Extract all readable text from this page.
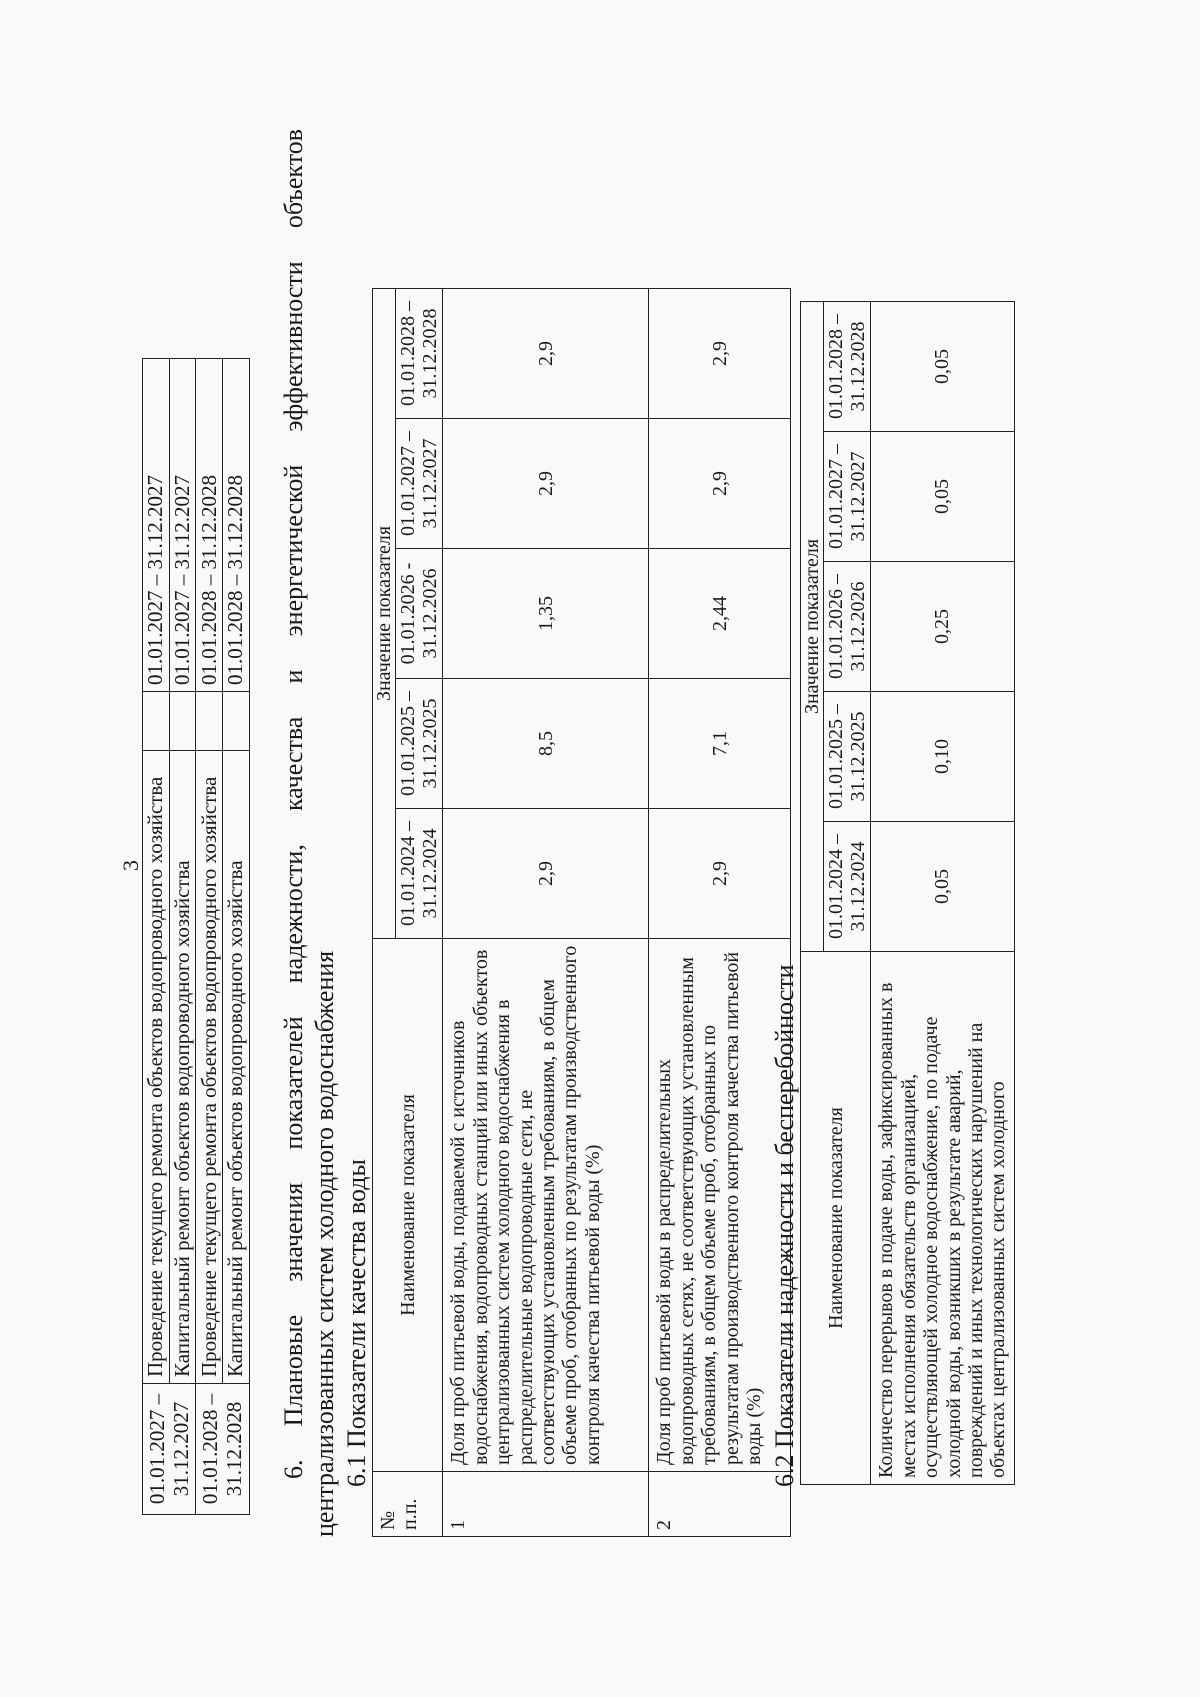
3
01.01.2027 –
31.12.2027	Проведение текущего ремонта объектов водопроводного хозяйства		01.01.2027 – 31.12.2027
	Капитальный ремонт объектов водопроводного хозяйства		01.01.2027 – 31.12.2027
01.01.2028 –
31.12.2028	Проведение текущего ремонта объектов водопроводного хозяйства		01.01.2028 – 31.12.2028
	Капитальный ремонт объектов водопроводного хозяйства		01.01.2028 – 31.12.2028 6. Плановые значения показателей надежности, качества и энергетической эффективности объектов централизованных систем холодного водоснабжения 6.1 Показатели качества воды
№
п.п.	Наименование показателя	Значение показателя				
		01.01.2024 –
31.12.2024	01.01.2025 –
31.12.2025	01.01.2026 -
31.12.2026	01.01.2027 –
31.12.2027	01.01.2028 –
31.12.2028
1	Доля проб питьевой воды, подаваемой с источников водоснабжения, водопроводных станций или иных объектов централизованных систем холодного водоснабжения в распределительные водопроводные сети, не соответствующих установленным требованиям, в общем объеме проб, отобранных по результатам производственного контроля качества питьевой воды (%)	2,9	8,5	1,35	2,9	2,9
2	Доля проб питьевой воды в распределительных водопроводных сетях, не соответствующих установленным требованиям, в общем объеме проб, отобранных по результатам производственного контроля качества питьевой воды (%)	2,9	7,1	2,44	2,9	2,9
6.2 Показатели надежности и бесперебойности Наименование показателя	Значение показателя				
	01.01.2024 –
31.12.2024	01.01.2025 –
31.12.2025	01.01.2026 –
31.12.2026	01.01.2027 –
31.12.2027	01.01.2028 –
31.12.2028
Количество перерывов в подаче воды, зафиксированных в местах исполнения обязательств организацией, осуществляющей холодное водоснабжение, по подаче холодной воды, возникших в результате аварий, повреждений и иных технологических нарушений на объектах централизованных систем холодного	0,05	0,10	0,25	0,05	0,05
